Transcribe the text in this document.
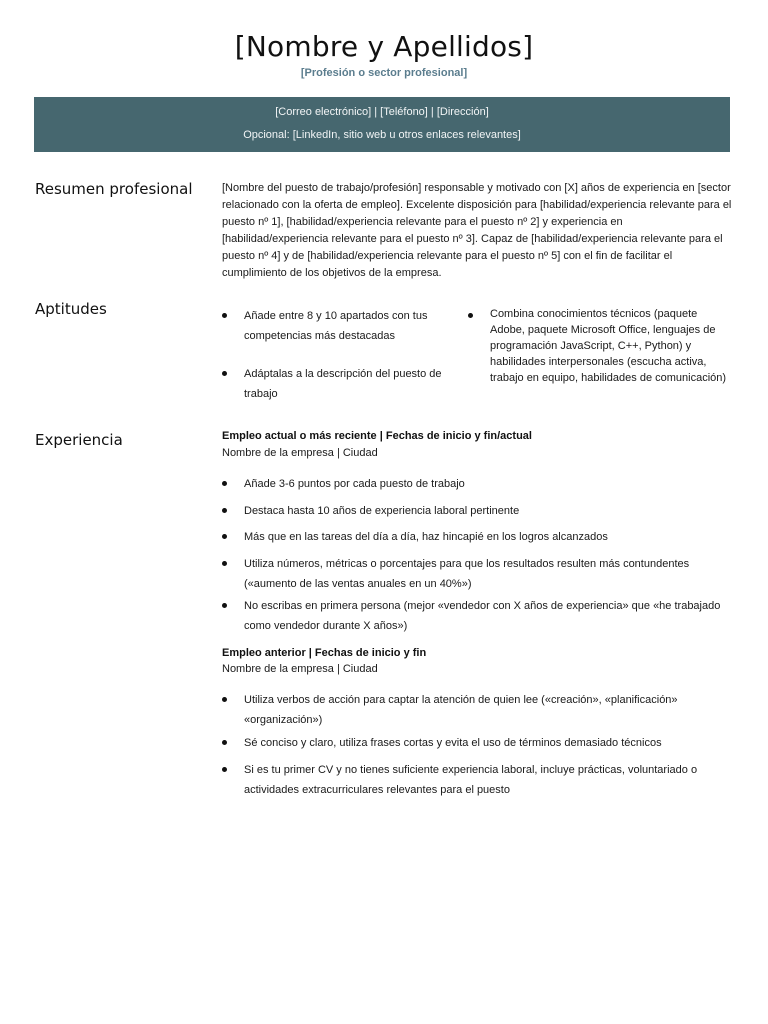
[Nombre y Apellidos]
[Profesión o sector profesional]
[Correo electrónico] | [Teléfono] | [Dirección]
Opcional: [LinkedIn, sitio web u otros enlaces relevantes]
Resumen profesional	[Nombre del puesto de trabajo/profesión] responsable y motivado con [X] años de experiencia en [sector relacionado con la oferta de empleo]. Excelente disposición para [habilidad/experiencia relevante para el puesto nº 1], [habilidad/experiencia relevante para el puesto nº 2] y experiencia en [habilidad/experiencia relevante para el puesto nº 3]. Capaz de [habilidad/experiencia relevante para el puesto nº 4] y de [habilidad/experiencia relevante para el puesto nº 5] con el fin de facilitar el cumplimiento de los objetivos de la empresa.
Aptitudes	Añade entre 8 y 10 apartados con tus competencias más destacadas
Adáptalas a la descripción del puesto de trabajo
Combina conocimientos técnicos (paquete Adobe, paquete Microsoft Office, lenguajes de programación JavaScript, C++, Python) y habilidades interpersonales (escucha activa, trabajo en equipo, habilidades de comunicación)
Experiencia	Empleo actual o más reciente | Fechas de inicio y fin/actual
Nombre de la empresa | Ciudad
Añade 3-6 puntos por cada puesto de trabajo
Destaca hasta 10 años de experiencia laboral pertinente
Más que en las tareas del día a día, haz hincapié en los logros alcanzados
Utiliza números, métricas o porcentajes para que los resultados resulten más contundentes («aumento de las ventas anuales en un 40%»)
No escribas en primera persona (mejor «vendedor con X años de experiencia» que «he trabajado como vendedor durante X años»)
Empleo anterior | Fechas de inicio y fin
Nombre de la empresa | Ciudad
Utiliza verbos de acción para captar la atención de quien lee («creación», «planificación» «organización»)
Sé conciso y claro, utiliza frases cortas y evita el uso de términos demasiado técnicos
Si es tu primer CV y no tienes suficiente experiencia laboral, incluye prácticas, voluntariado o actividades extracurriculares relevantes para el puesto
